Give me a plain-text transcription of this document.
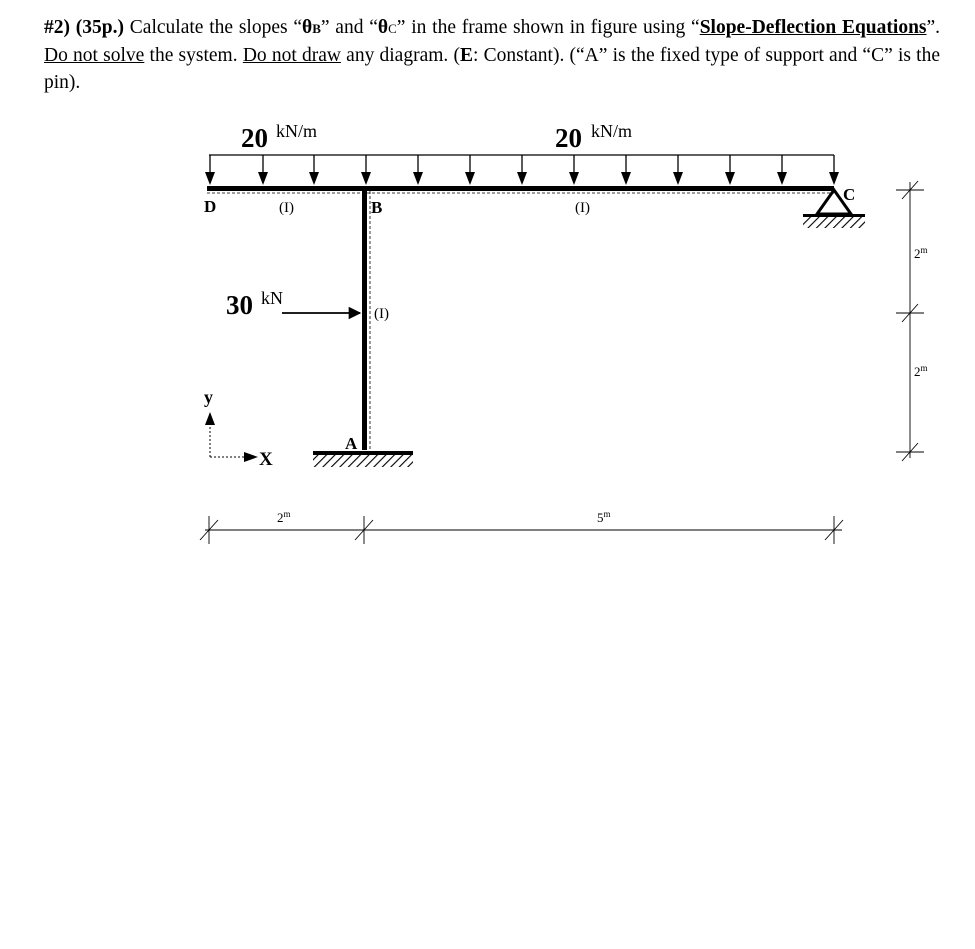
#2) (35p.) Calculate the slopes “θB” and “θC” in the frame shown in figure using “Slope-Deflection Equations”. Do not solve the system. Do not draw any diagram. (E: Constant). (“A” is the fixed type of support and “C” is the pin).
20 kN/m	20 kN/m
30 kN
D	B
C
A
(I)	(I)
(I)
y
X
2$^m$	5$^m$
2$^m$
2$^m$
